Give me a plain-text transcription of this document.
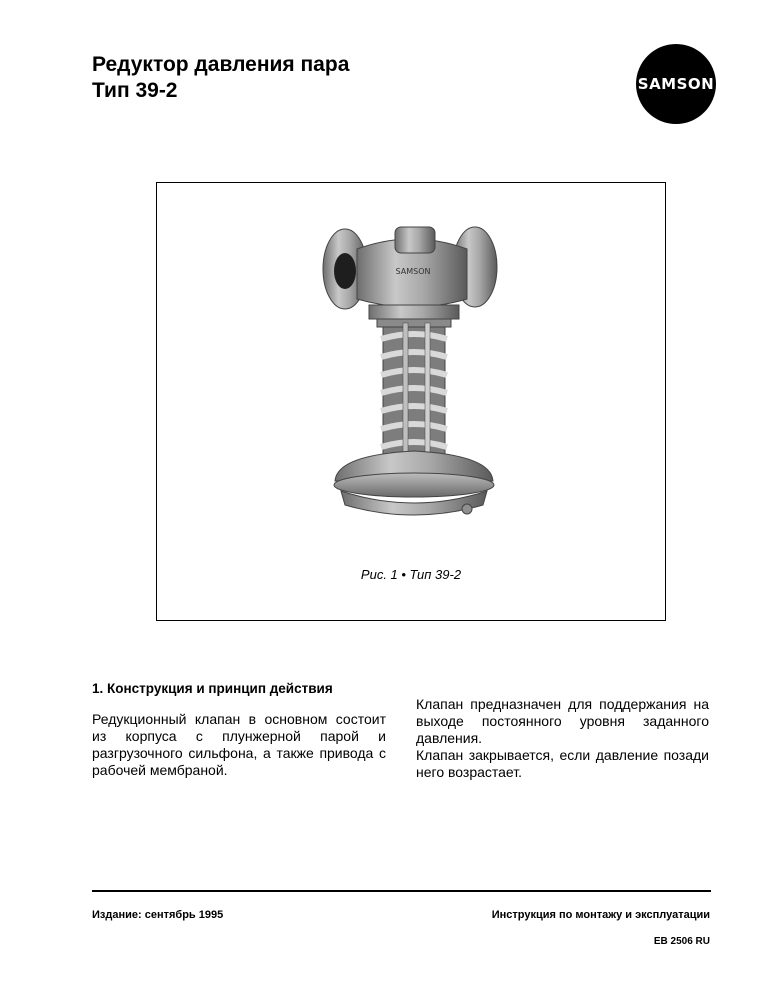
Редуктор давления пара
Тип 39-2	SAMSON
SAMSON
Рис. 1 • Тип 39-2
1. Конструкция и принцип действия

Редукционный клапан в основном состоит из корпуса с плунжерной парой и разгрузочного сильфона, а также привода с рабочей мембраной.

Клапан предназначен для поддержания на выходе постоянного уровня заданного давления.

Клапан закрывается, если давление позади него возрастает.

Издание: сентябрь 1995	Инструкция по монтажу и эксплуатации
EB 2506 RU
